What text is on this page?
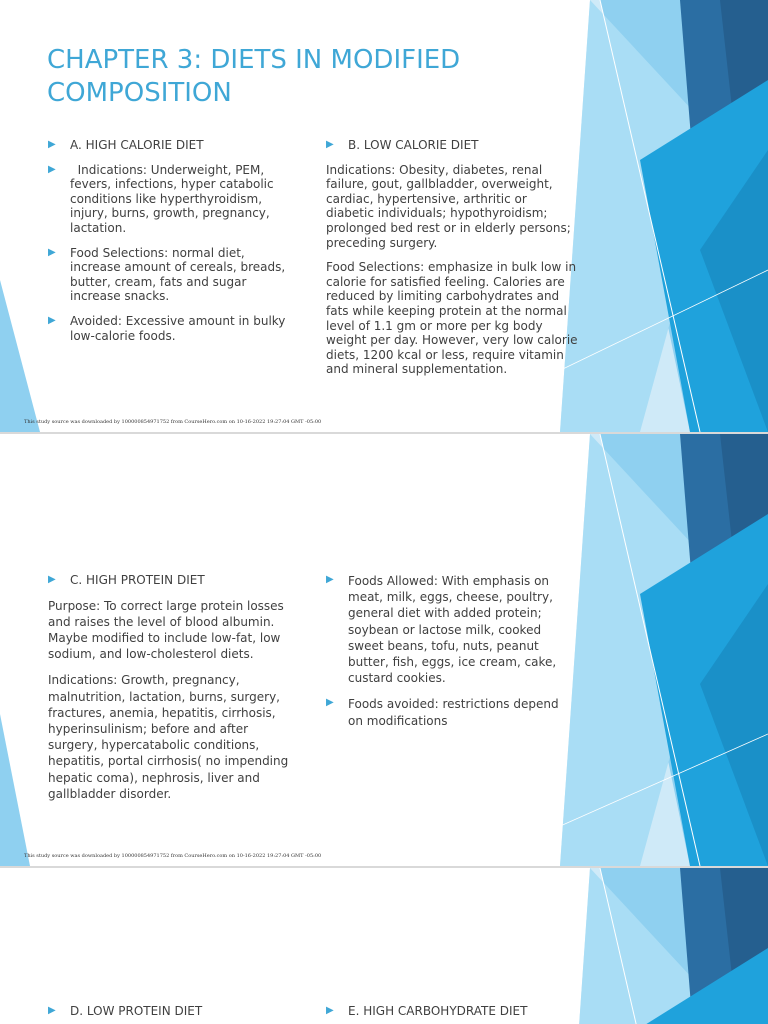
CHAPTER 3: DIETS IN MODIFIED COMPOSITION
▶ A. HIGH CALORIE DIET
▶ Indications: Underweight, PEM, fevers, infections, hyper catabolic conditions like hyperthyroidism, injury, burns, growth, pregnancy, lactation.
▶ Food Selections: normal diet, increase amount of cereals, breads, butter, cream, fats and sugar increase snacks.
▶ Avoided: Excessive amount in bulky low-calorie foods.
▶ B. LOW CALORIE DIET

Indications: Obesity, diabetes, renal failure, gout, gallbladder, overweight, cardiac, hypertensive, arthritic or diabetic individuals; hypothyroidism; prolonged bed rest or in elderly persons; preceding surgery.

Food Selections: emphasize in bulk low in calorie for satisfied feeling. Calories are reduced by limiting carbohydrates and fats while keeping protein at the normal level of 1.1 gm or more per kg body weight per day. However, very low calorie diets, 1200 kcal or less, require vitamin and mineral supplementation.

This study source was downloaded by 100000854971752 from CourseHero.com on 10-16-2022 19:27:04 GMT -05:00
▶ C. HIGH PROTEIN DIET

Purpose: To correct large protein losses and raises the level of blood albumin. Maybe modified to include low-fat, low sodium, and low-cholesterol diets.

Indications: Growth, pregnancy, malnutrition, lactation, burns, surgery, fractures, anemia, hepatitis, cirrhosis, hyperinsulinism; before and after surgery, hypercatabolic conditions, hepatitis, portal cirrhosis( no impending hepatic coma), nephrosis, liver and gallbladder disorder.

▶ Foods Allowed: With emphasis on meat, milk, eggs, cheese, poultry, general diet with added protein; soybean or lactose milk, cooked sweet beans, tofu, nuts, peanut butter, fish, eggs, ice cream, cake, custard cookies.
▶ Foods avoided: restrictions depend on modifications
This study source was downloaded by 100000854971752 from CourseHero.com on 10-16-2022 19:27:04 GMT -05:00
▶ D. LOW PROTEIN DIET	▶ E. HIGH CARBOHYDRATE DIET
